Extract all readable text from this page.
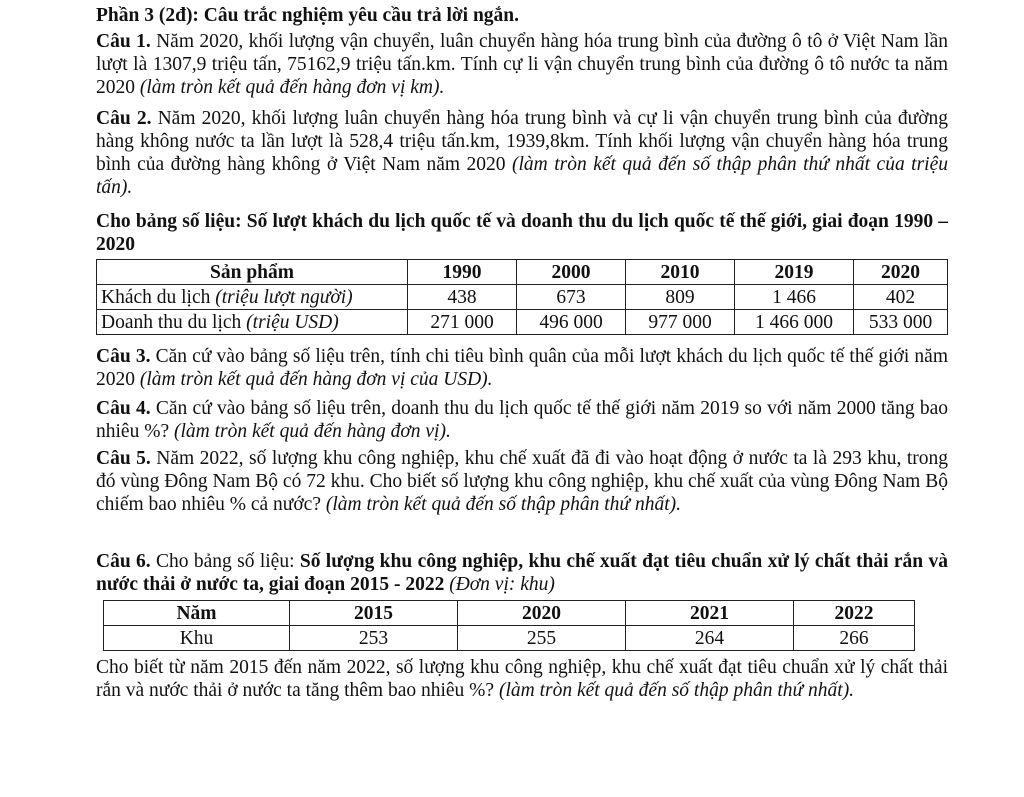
Phần 3 (2đ): Câu trắc nghiệm yêu cầu trả lời ngắn.

Câu 1. Năm 2020, khối lượng vận chuyển, luân chuyển hàng hóa trung bình của đường ô tô ở Việt Nam lần lượt là 1307,9 triệu tấn, 75162,9 triệu tấn.km. Tính cự li vận chuyển trung bình của đường ô tô nước ta năm 2020 (làm tròn kết quả đến hàng đơn vị km).

Câu 2. Năm 2020, khối lượng luân chuyển hàng hóa trung bình và cự li vận chuyển trung bình của đường hàng không nước ta lần lượt là 528,4 triệu tấn.km, 1939,8km. Tính khối lượng vận chuyển hàng hóa trung bình của đường hàng không ở Việt Nam năm 2020 (làm tròn kết quả đến số thập phân thứ nhất của triệu tấn).

Cho bảng số liệu: Số lượt khách du lịch quốc tế và doanh thu du lịch quốc tế thế giới, giai đoạn 1990 – 2020
Sản phẩm	1990	2000	2010	2019	2020
Khách du lịch (triệu lượt người)	438	673	809	1 466	402
Doanh thu du lịch (triệu USD)	271 000	496 000	977 000	1 466 000	533 000

Câu 3. Căn cứ vào bảng số liệu trên, tính chi tiêu bình quân của mỗi lượt khách du lịch quốc tế thế giới năm 2020 (làm tròn kết quả đến hàng đơn vị của USD).

Câu 4. Căn cứ vào bảng số liệu trên, doanh thu du lịch quốc tế thế giới năm 2019 so với năm 2000 tăng bao nhiêu %? (làm tròn kết quả đến hàng đơn vị).

Câu 5. Năm 2022, số lượng khu công nghiệp, khu chế xuất đã đi vào hoạt động ở nước ta là 293 khu, trong đó vùng Đông Nam Bộ có 72 khu. Cho biết số lượng khu công nghiệp, khu chế xuất của vùng Đông Nam Bộ chiếm bao nhiêu % cả nước? (làm tròn kết quả đến số thập phân thứ nhất).

Câu 6. Cho bảng số liệu: Số lượng khu công nghiệp, khu chế xuất đạt tiêu chuẩn xử lý chất thải rắn và nước thải ở nước ta, giai đoạn 2015 - 2022 (Đơn vị: khu)

Năm	2015	2020	2021	2022
Khu	253	255	264	266

Cho biết từ năm 2015 đến năm 2022, số lượng khu công nghiệp, khu chế xuất đạt tiêu chuẩn xử lý chất thải rắn và nước thải ở nước ta tăng thêm bao nhiêu %? (làm tròn kết quả đến số thập phân thứ nhất).
